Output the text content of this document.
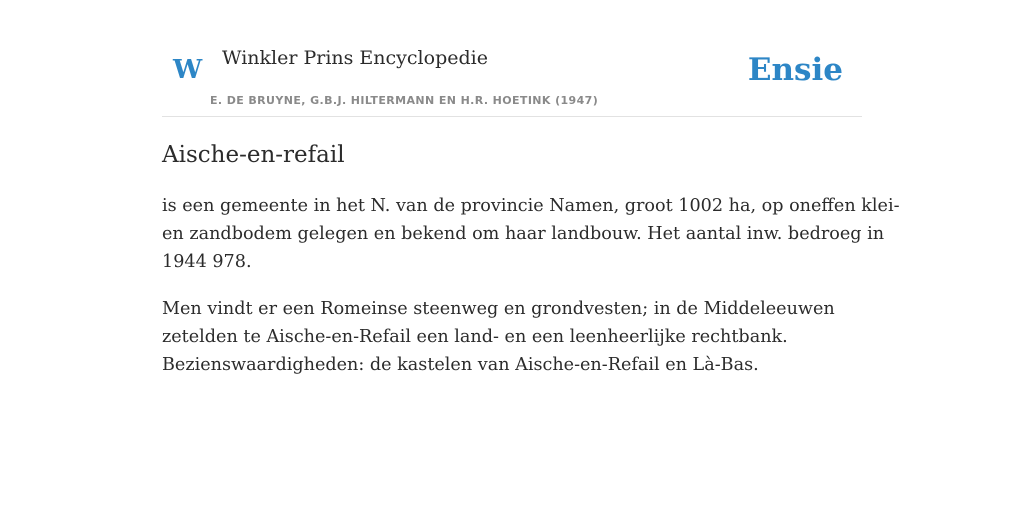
W Winkler Prins Encyclopedie
E. DE BRUYNE, G.B.J. HILTERMANN EN H.R. HOETINK (1947)
Ensie
Aische-en-refail

is een gemeente in het N. van de provincie Namen, groot 1002 ha, op oneffen klei-
en zandbodem gelegen en bekend om haar landbouw. Het aantal inw. bedroeg in
1944 978.

Men vindt er een Romeinse steenweg en grondvesten; in de Middeleeuwen
zetelden te Aische-en-Refail een land- en een leenheerlijke rechtbank.
Bezienswaardigheden: de kastelen van Aische-en-Refail en Là-Bas.
